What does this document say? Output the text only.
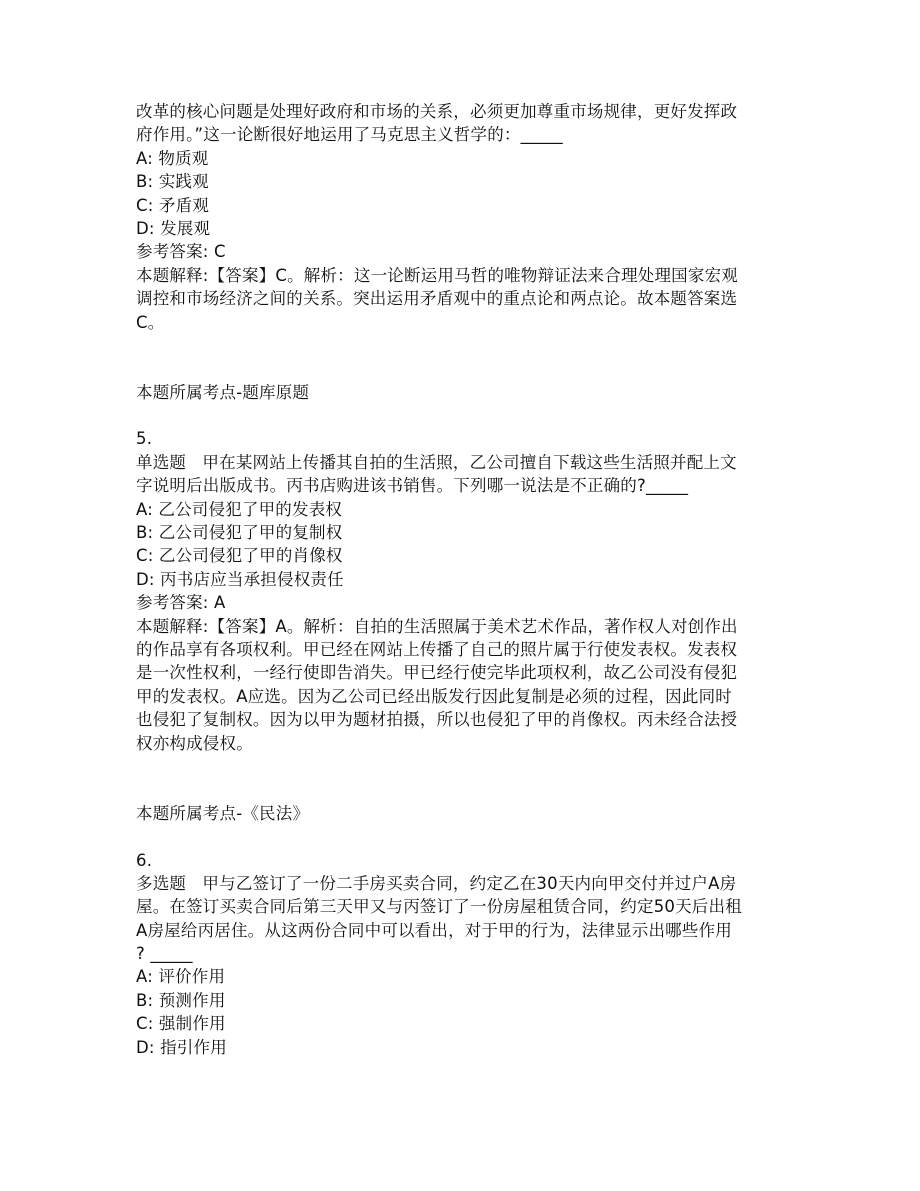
改革的核心问题是处理好政府和市场的关系，必须更加尊重市场规律，更好发挥政
府作用。”这一论断很好地运用了马克思主义哲学的：_____
A: 物质观
B: 实践观
C: 矛盾观
D: 发展观
参考答案: C
本题解释:【答案】C。解析：这一论断运用马哲的唯物辩证法来合理处理国家宏观
调控和市场经济之间的关系。突出运用矛盾观中的重点论和两点论。故本题答案选
C。
本题所属考点-题库原题
5.
单选题   甲在某网站上传播其自拍的生活照，乙公司擅自下载这些生活照并配上文
字说明后出版成书。丙书店购进该书销售。下列哪一说法是不正确的?_____
A: 乙公司侵犯了甲的发表权
B: 乙公司侵犯了甲的复制权
C: 乙公司侵犯了甲的肖像权
D: 丙书店应当承担侵权责任
参考答案: A
本题解释:【答案】A。解析：自拍的生活照属于美术艺术作品，著作权人对创作出
的作品享有各项权利。甲已经在网站上传播了自己的照片属于行使发表权。发表权
是一次性权利，一经行使即告消失。甲已经行使完毕此项权利，故乙公司没有侵犯
甲的发表权。A应选。因为乙公司已经出版发行因此复制是必须的过程，因此同时
也侵犯了复制权。因为以甲为题材拍摄，所以也侵犯了甲的肖像权。丙未经合法授
权亦构成侵权。
本题所属考点-《民法》
6.
多选题   甲与乙签订了一份二手房买卖合同，约定乙在30天内向甲交付并过户A房
屋。在签订买卖合同后第三天甲又与丙签订了一份房屋租赁合同，约定50天后出租
A房屋给丙居住。从这两份合同中可以看出，对于甲的行为，法律显示出哪些作用
? _____
A: 评价作用
B: 预测作用
C: 强制作用
D: 指引作用
